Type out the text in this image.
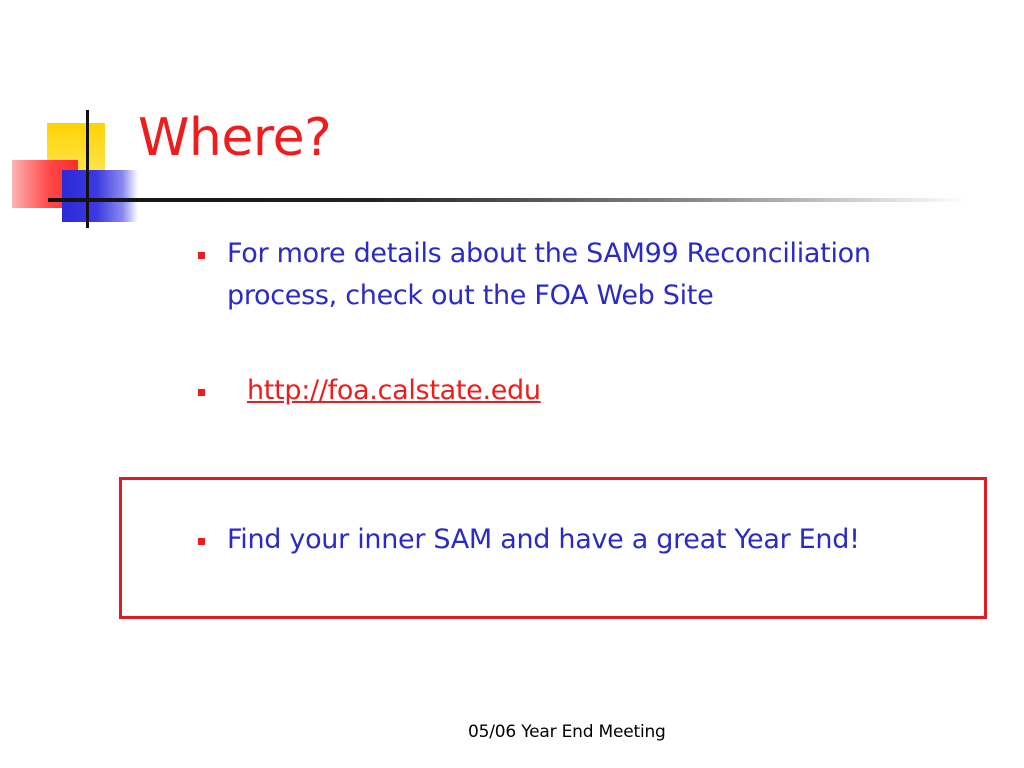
Where?
For more details about the SAM99 Reconciliation process, check out the FOA Web Site
http://foa.calstate.edu
Find your inner SAM and have a great Year End!
05/06 Year End Meeting
